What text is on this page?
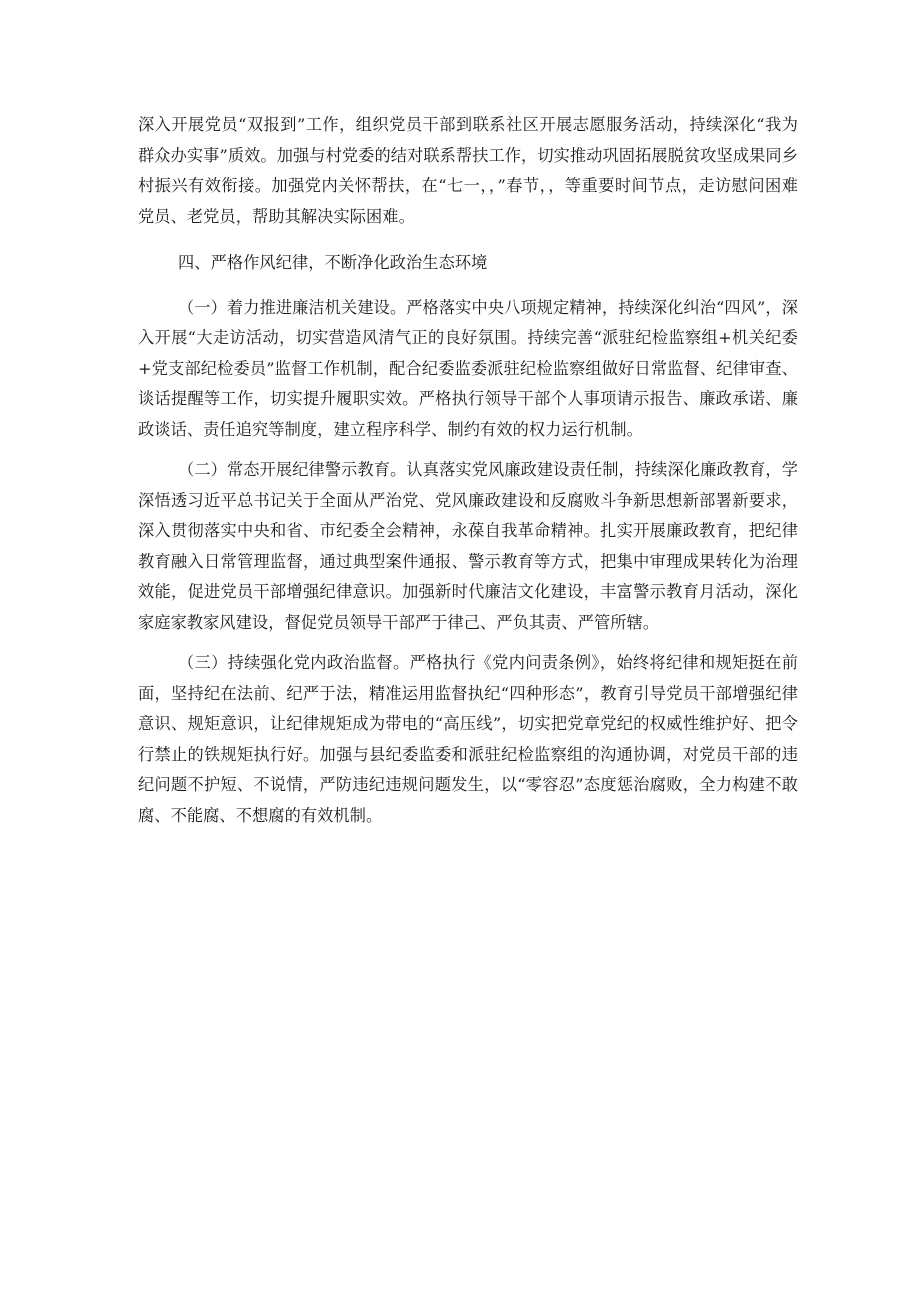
深入开展党员“双报到”工作，组织党员干部到联系社区开展志愿服务活动，持续深化“我为群众办实事”质效。加强与村党委的结对联系帮扶工作，切实推动巩固拓展脱贫攻坚成果同乡村振兴有效衔接。加强党内关怀帮扶，在“七一，，”春节，，等重要时间节点，走访慰问困难党员、老党员，帮助其解决实际困难。

四、严格作风纪律，不断净化政治生态环境

（一）着力推进廉洁机关建设。严格落实中央八项规定精神，持续深化纠治“四风”，深入开展“大走访活动，切实营造风清气正的良好氛围。持续完善“派驻纪检监察组+机关纪委+党支部纪检委员”监督工作机制，配合纪委监委派驻纪检监察组做好日常监督、纪律审查、谈话提醒等工作，切实提升履职实效。严格执行领导干部个人事项请示报告、廉政承诺、廉政谈话、责任追究等制度，建立程序科学、制约有效的权力运行机制。

（二）常态开展纪律警示教育。认真落实党风廉政建设责任制，持续深化廉政教育，学深悟透习近平总书记关于全面从严治党、党风廉政建设和反腐败斗争新思想新部署新要求，深入贯彻落实中央和省、市纪委全会精神，永葆自我革命精神。扎实开展廉政教育，把纪律教育融入日常管理监督，通过典型案件通报、警示教育等方式，把集中审理成果转化为治理效能，促进党员干部增强纪律意识。加强新时代廉洁文化建设，丰富警示教育月活动，深化家庭家教家风建设，督促党员领导干部严于律己、严负其责、严管所辖。

（三）持续强化党内政治监督。严格执行《党内问责条例》，始终将纪律和规矩挺在前面，坚持纪在法前、纪严于法，精准运用监督执纪“四种形态”，教育引导党员干部增强纪律意识、规矩意识，让纪律规矩成为带电的“高压线”，切实把党章党纪的权威性维护好、把令行禁止的铁规矩执行好。加强与县纪委监委和派驻纪检监察组的沟通协调，对党员干部的违纪问题不护短、不说情，严防违纪违规问题发生，以“零容忍”态度惩治腐败，全力构建不敢腐、不能腐、不想腐的有效机制。
